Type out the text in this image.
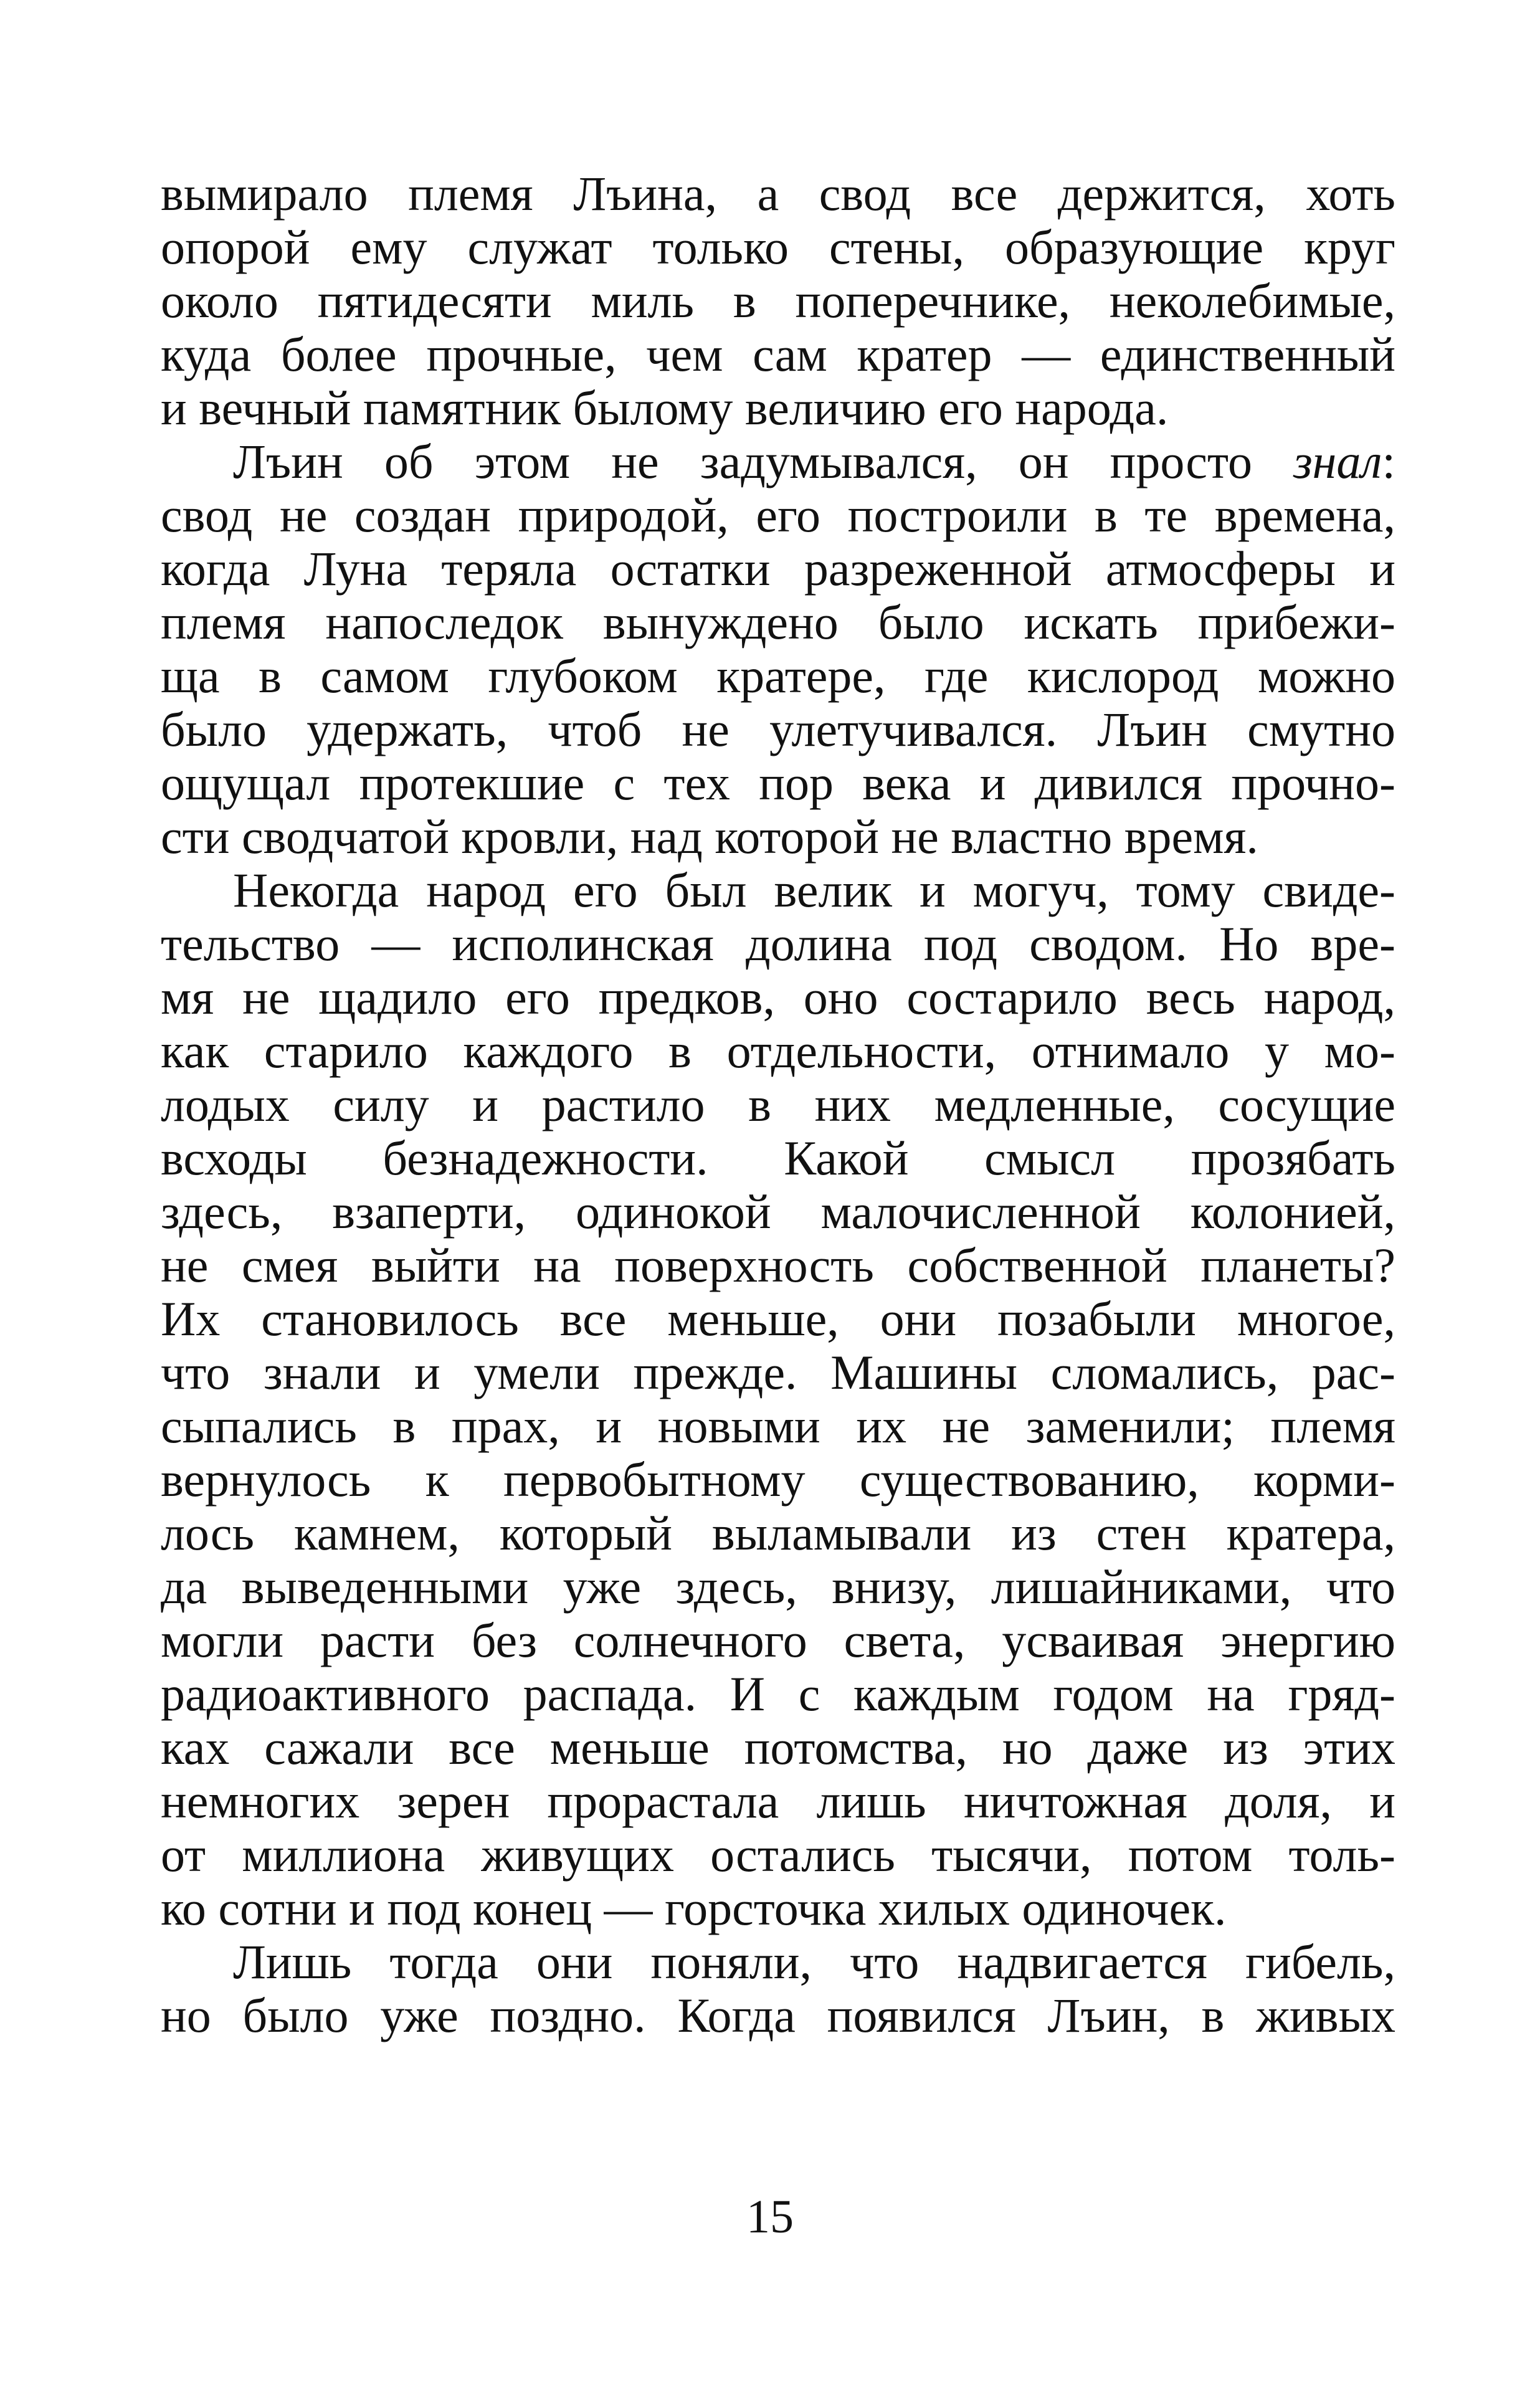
вымирало племя Лъина, а свод все держится, хоть
опорой ему служат только стены, образующие круг
около пятидесяти миль в поперечнике, неколебимые,
куда более прочные, чем сам кратер — единственный
и вечный памятник былому величию его народа.
Лъин об этом не задумывался, он просто знал:
свод не создан природой, его построили в те времена,
когда Луна теряла остатки разреженной атмосферы и
племя напоследок вынуждено было искать прибежи-
ща в самом глубоком кратере, где кислород можно
было удержать, чтоб не улетучивался. Лъин смутно
ощущал протекшие с тех пор века и дивился прочно-
сти сводчатой кровли, над которой не властно время.
Некогда народ его был велик и могуч, тому свиде-
тельство — исполинская долина под сводом. Но вре-
мя не щадило его предков, оно состарило весь народ,
как старило каждого в отдельности, отнимало у мо-
лодых силу и растило в них медленные, сосущие
всходы безнадежности. Какой смысл прозябать
здесь, взаперти, одинокой малочисленной колонией,
не смея выйти на поверхность собственной планеты?
Их становилось все меньше, они позабыли многое,
что знали и умели прежде. Машины сломались, рас-
сыпались в прах, и новыми их не заменили; племя
вернулось к первобытному существованию, корми-
лось камнем, который выламывали из стен кратера,
да выведенными уже здесь, внизу, лишайниками, что
могли расти без солнечного света, усваивая энергию
радиоактивного распада. И с каждым годом на гряд-
ках сажали все меньше потомства, но даже из этих
немногих зерен прорастала лишь ничтожная доля, и
от миллиона живущих остались тысячи, потом толь-
ко сотни и под конец — горсточка хилых одиночек.
Лишь тогда они поняли, что надвигается гибель,
но было уже поздно. Когда появился Лъин, в живых
15
